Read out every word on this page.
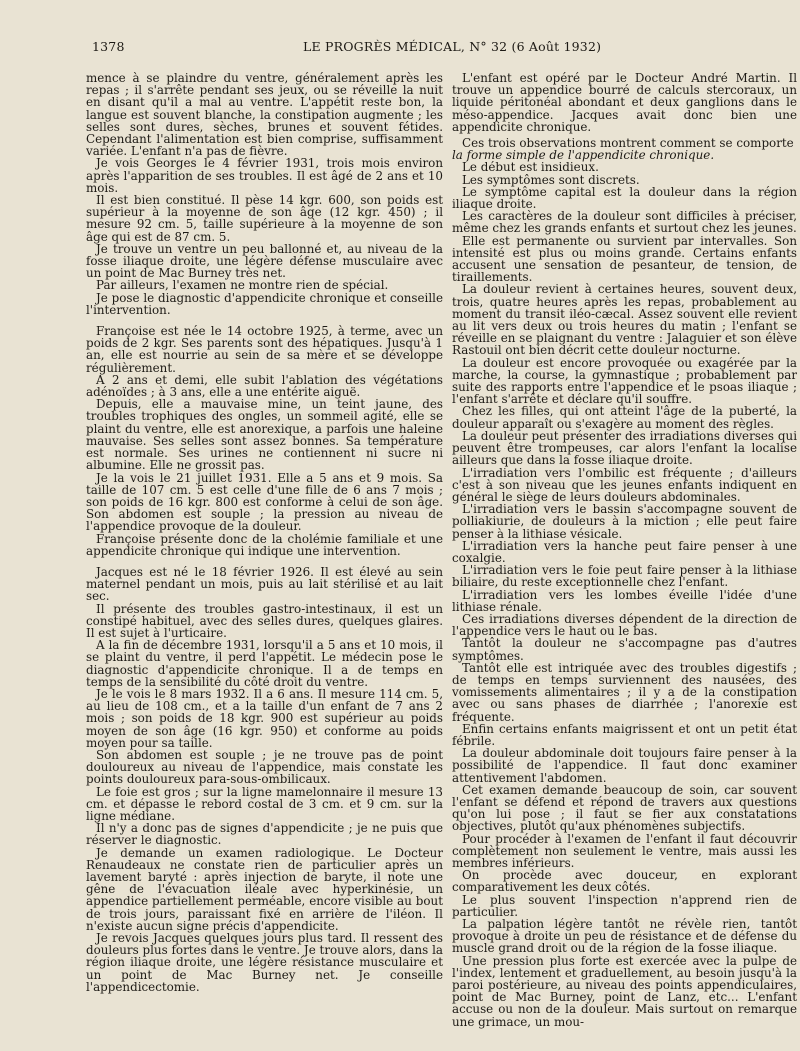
1378	LE PROGRÈS MÉDICAL, N° 32 (6 Août 1932)

mence à se plaindre du ventre, généralement après les repas ; il s'arrête pendant ses jeux, ou se réveille la nuit en disant qu'il a mal au ventre. L'appétit reste bon, la langue est souvent blanche, la constipation augmente ; les selles sont dures, sèches, brunes et souvent fétides. Cependant l'alimentation est bien comprise, suffisamment variée. L'enfant n'a pas de fièvre.

Je vois Georges le 4 février 1931, trois mois environ après l'apparition de ses troubles. Il est âgé de 2 ans et 10 mois.

Il est bien constitué. Il pèse 14 kgr. 600, son poids est supérieur à la moyenne de son âge (12 kgr. 450) ; il mesure 92 cm. 5, taille supérieure à la moyenne de son âge qui est de 87 cm. 5.

Je trouve un ventre un peu ballonné et, au niveau de la fosse iliaque droite, une légère défense musculaire avec un point de Mac Burney très net.

Par ailleurs, l'examen ne montre rien de spécial.

Je pose le diagnostic d'appendicite chronique et conseille l'intervention.

Françoise est née le 14 octobre 1925, à terme, avec un poids de 2 kgr. Ses parents sont des hépatiques. Jusqu'à 1 an, elle est nourrie au sein de sa mère et se développe régulièrement.

A 2 ans et demi, elle subit l'ablation des végétations adénoïdes ; à 3 ans, elle a une entérite aiguë.

Depuis, elle a mauvaise mine, un teint jaune, des troubles trophiques des ongles, un sommeil agité, elle se plaint du ventre, elle est anorexique, a parfois une haleine mauvaise. Ses selles sont assez bonnes. Sa température est normale. Ses urines ne contiennent ni sucre ni albumine. Elle ne grossit pas.

Je la vois le 21 juillet 1931. Elle a 5 ans et 9 mois. Sa taille de 107 cm. 5 est celle d'une fille de 6 ans 7 mois ; son poids de 16 kgr. 800 est conforme à celui de son âge. Son abdomen est souple ; la pression au niveau de l'appendice provoque de la douleur.

Françoise présente donc de la cholémie familiale et une appendicite chronique qui indique une intervention.

Jacques est né le 18 février 1926. Il est élevé au sein maternel pendant un mois, puis au lait stérilisé et au lait sec.

Il présente des troubles gastro-intestinaux, il est un constipé habituel, avec des selles dures, quelques glaires. Il est sujet à l'urticaire.

A la fin de décembre 1931, lorsqu'il a 5 ans et 10 mois, il se plaint du ventre, il perd l'appétit. Le médecin pose le diagnostic d'appendicite chronique. Il a de temps en temps de la sensibilité du côté droit du ventre.

Je le vois le 8 mars 1932. Il a 6 ans. Il mesure 114 cm. 5, au lieu de 108 cm., et a la taille d'un enfant de 7 ans 2 mois ; son poids de 18 kgr. 900 est supérieur au poids moyen de son âge (16 kgr. 950) et conforme au poids moyen pour sa taille.

Son abdomen est souple ; je ne trouve pas de point douloureux au niveau de l'appendice, mais constate les points douloureux para-sous-ombilicaux.

Le foie est gros ; sur la ligne mamelonnaire il mesure 13 cm. et dépasse le rebord costal de 3 cm. et 9 cm. sur la ligne médiane.

Il n'y a donc pas de signes d'appendicite ; je ne puis que réserver le diagnostic.

Je demande un examen radiologique. Le Docteur Renaudeaux ne constate rien de particulier après un lavement baryté : après injection de baryte, il note une gêne de l'évacuation iléale avec hyperkinésie, un appendice partiellement perméable, encore visible au bout de trois jours, paraissant fixé en arrière de l'iléon. Il n'existe aucun signe précis d'appendicite.

Je revois Jacques quelques jours plus tard. Il ressent des douleurs plus fortes dans le ventre. Je trouve alors, dans la région iliaque droite, une légère résistance musculaire et un point de Mac Burney net. Je conseille l'appendicectomie.

L'enfant est opéré par le Docteur André Martin. Il trouve un appendice bourré de calculs stercoraux, un liquide péritonéal abondant et deux ganglions dans le méso-appendice. Jacques avait donc bien une appendicite chronique.

Ces trois observations montrent comment se comporte

la forme simple de l'appendicite chronique.

Le début est insidieux.

Les symptômes sont discrets.

Le symptôme capital est la douleur dans la région iliaque droite.

Les caractères de la douleur sont difficiles à préciser, même chez les grands enfants et surtout chez les jeunes.

Elle est permanente ou survient par intervalles. Son intensité est plus ou moins grande. Certains enfants accusent une sensation de pesanteur, de tension, de tiraillements.

La douleur revient à certaines heures, souvent deux, trois, quatre heures après les repas, probablement au moment du transit iléo-cæcal. Assez souvent elle revient au lit vers deux ou trois heures du matin ; l'enfant se réveille en se plaignant du ventre : Jalaguier et son élève Rastouil ont bien décrit cette douleur nocturne.

La douleur est encore provoquée ou exagérée par la marche, la course, la gymnastique ; probablement par suite des rapports entre l'appendice et le psoas iliaque ; l'enfant s'arrête et déclare qu'il souffre.

Chez les filles, qui ont atteint l'âge de la puberté, la douleur apparaît ou s'exagère au moment des règles.

La douleur peut présenter des irradiations diverses qui peuvent être trompeuses, car alors l'enfant la localise ailleurs que dans la fosse iliaque droite.

L'irradiation vers l'ombilic est fréquente ; d'ailleurs c'est à son niveau que les jeunes enfants indiquent en général le siège de leurs douleurs abdominales.

L'irradiation vers le bassin s'accompagne souvent de polliakiurie, de douleurs à la miction ; elle peut faire penser à la lithiase vésicale.

L'irradiation vers la hanche peut faire penser à une coxalgie.

L'irradiation vers le foie peut faire penser à la lithiase biliaire, du reste exceptionnelle chez l'enfant.

L'irradiation vers les lombes éveille l'idée d'une lithiase rénale.

Ces irradiations diverses dépendent de la direction de l'appendice vers le haut ou le bas.

Tantôt la douleur ne s'accompagne pas d'autres symptômes.

Tantôt elle est intriquée avec des troubles digestifs ; de temps en temps surviennent des nausées, des vomissements alimentaires ; il y a de la constipation avec ou sans phases de diarrhée ; l'anorexie est fréquente.

Enfin certains enfants maigrissent et ont un petit état fébrile.

La douleur abdominale doit toujours faire penser à la possibilité de l'appendice. Il faut donc examiner attentivement l'abdomen.

Cet examen demande beaucoup de soin, car souvent l'enfant se défend et répond de travers aux questions qu'on lui pose ; il faut se fier aux constatations objectives, plutôt qu'aux phénomènes subjectifs.

Pour procéder à l'examen de l'enfant il faut découvrir complètement non seulement le ventre, mais aussi les membres inférieurs.

On procède avec douceur, en explorant comparativement les deux côtés.

Le plus souvent l'inspection n'apprend rien de particulier.

La palpation légère tantôt ne révèle rien, tantôt provoque à droite un peu de résistance et de défense du muscle grand droit ou de la région de la fosse iliaque.

Une pression plus forte est exercée avec la pulpe de l'index, lentement et graduellement, au besoin jusqu'à la paroi postérieure, au niveau des points appendiculaires, point de Mac Burney, point de Lanz, etc... L'enfant accuse ou non de la douleur. Mais surtout on remarque une grimace, un mou-
